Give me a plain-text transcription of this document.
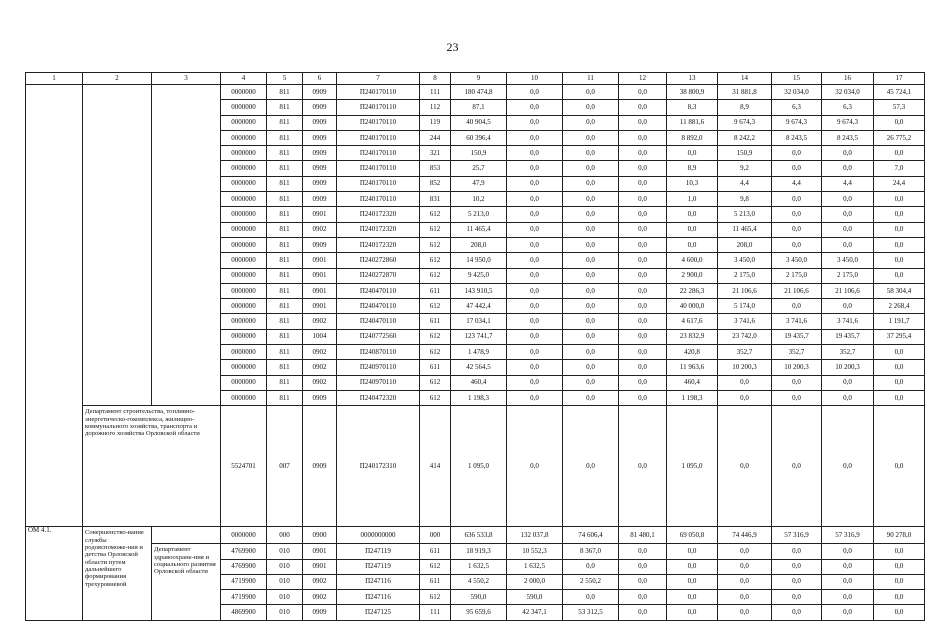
23
1	2	3	4	5	6	7	8	9	10	11	12	13	14	15	16	17
			0000000	811	0909	П240170110	111	180 474,8	0,0	0,0	0,0	38 800,9	31 881,8	32 034,0	32 034,0	45 724,1
			0000000	811	0909	П240170110	112	87,1	0,0	0,0	0,0	8,3	8,9	6,3	6,3	57,3
			0000000	811	0909	П240170110	119	40 904,5	0,0	0,0	0,0	11 881,6	9 674,3	9 674,3	9 674,3	0,0
			0000000	811	0909	П240170110	244	60 396,4	0,0	0,0	0,0	8 892,0	8 242,2	8 243,5	8 243,5	26 775,2
			0000000	811	0909	П240170110	321	150,9	0,0	0,0	0,0	0,0	150,9	0,0	0,0	0,0
			0000000	811	0909	П240170110	853	25,7	0,0	0,0	0,0	8,9	9,2	0,0	0,0	7,0
			0000000	811	0909	П240170110	852	47,9	0,0	0,0	0,0	10,3	4,4	4,4	4,4	24,4
			0000000	811	0909	П240170110	831	10,2	0,0	0,0	0,0	1,0	9,8	0,0	0,0	0,0
			0000000	811	0901	П240172320	612	5 213,0	0,0	0,0	0,0	0,0	5 213,0	0,0	0,0	0,0
			0000000	811	0902	П240172320	612	11 465,4	0,0	0,0	0,0	0,0	11 465,4	0,0	0,0	0,0
			0000000	811	0909	П240172320	612	208,0	0,0	0,0	0,0	0,0	208,0	0,0	0,0	0,0
			0000000	811	0901	П240272860	612	14 950,0	0,0	0,0	0,0	4 600,0	3 450,0	3 450,0	3 450,0	0,0
			0000000	811	0901	П240272870	612	9 425,0	0,0	0,0	0,0	2 900,0	2 175,0	2 175,0	2 175,0	0,0
			0000000	811	0901	П240470110	611	143 910,5	0,0	0,0	0,0	22 286,3	21 106,6	21 106,6	21 106,6	58 304,4
			0000000	811	0901	П240470110	612	47 442,4	0,0	0,0	0,0	40 000,0	5 174,0	0,0	0,0	2 268,4
			0000000	811	0902	П240470110	611	17 034,1	0,0	0,0	0,0	4 617,6	3 741,6	3 741,6	3 741,6	1 191,7
			0000000	811	1004	П240772560	612	123 741,7	0,0	0,0	0,0	23 832,9	23 742,0	19 435,7	19 435,7	37 295,4
			0000000	811	0902	П240870110	612	1 478,9	0,0	0,0	0,0	420,8	352,7	352,7	352,7	0,0
			0000000	811	0902	П240970110	611	42 564,5	0,0	0,0	0,0	11 963,6	10 200,3	10 200,3	10 200,3	0,0
			0000000	811	0902	П240970110	612	460,4	0,0	0,0	0,0	460,4	0,0	0,0	0,0	0,0
			0000000	811	0909	П240472320	612	1 198,3	0,0	0,0	0,0	1 198,3	0,0	0,0	0,0	0,0
	Департамент строительства, топливно-энергетическо-гокомплекса, жилищно-коммунального хозяйства, транспорта и дорожного хозяйства Орловской области		5524701	007	0909	П240172310	414	1 095,0	0,0	0,0	0,0	1 095,0	0,0	0,0	0,0	0,0
ОМ 4.1.	Совершенство-вание службы родовспоможе-ния и детства Орловской области путем дальнейшего формирования трехуровневой		0000000	000	0900	0000000000	000	636 533,8	132 037,8	74 606,4	81 480,1	69 050,8	74 446,9	57 316,9	57 316,9	90 278,0
		Департамент здравоохране-ния и социального развития Орловской области	4769900	010	0901	П247119	611	18 919,3	10 552,3	8 367,0	0,0	0,0	0,0	0,0	0,0	0,0
			4769900	010	0901	П247119	612	1 632,5	1 632,5	0,0	0,0	0,0	0,0	0,0	0,0	0,0
			4719900	010	0902	П247116	611	4 550,2	2 000,0	2 550,2	0,0	0,0	0,0	0,0	0,0	0,0
			4719900	010	0902	П247116	612	590,0	590,0	0,0	0,0	0,0	0,0	0,0	0,0	0,0
			4869900	010	0909	П247125	111	95 659,6	42 347,1	53 312,5	0,0	0,0	0,0	0,0	0,0	0,0
